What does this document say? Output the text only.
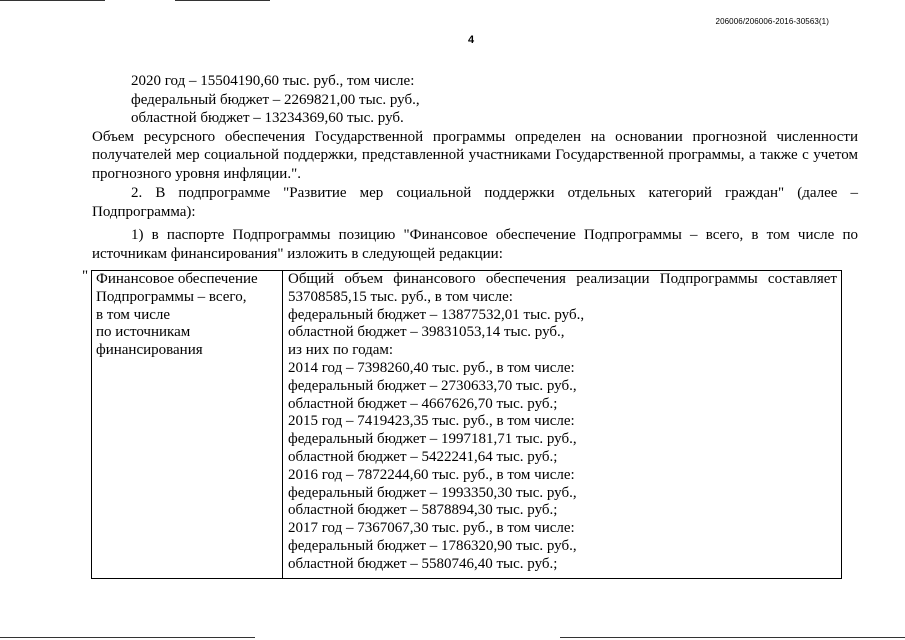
206006/206006-2016-30563(1)
4

2020 год – 15504190,60 тыс. руб., том числе:

федеральный бюджет – 2269821,00 тыс. руб.,

областной бюджет – 13234369,60 тыс. руб.

Объем ресурсного обеспечения Государственной программы определен на основании прогнозной численности получателей мер социальной поддержки, представленной участниками Государственной программы, а также с учетом прогнозного уровня инфляции.".

2. В подпрограмме "Развитие мер социальной поддержки отдельных категорий граждан" (далее – Подпрограмма):

1) в паспорте Подпрограммы позицию "Финансовое обеспечение Подпрограммы – всего, в том числе по источникам финансирования" изложить в следующей редакции:

" Финансовое обеспечение
Подпрограммы – всего,
в том числе
по источникам
финансирования
Общий объем финансового обеспечения реализации Подпрограммы составляет 53708585,15 тыс. руб., в том числе:
федеральный бюджет – 13877532,01 тыс. руб.,
областной бюджет – 39831053,14 тыс. руб.,
из них по годам:
2014 год – 7398260,40 тыс. руб., в том числе:
федеральный бюджет – 2730633,70 тыс. руб.,
областной бюджет – 4667626,70 тыс. руб.;
2015 год – 7419423,35 тыс. руб., в том числе:
федеральный бюджет – 1997181,71 тыс. руб.,
областной бюджет – 5422241,64 тыс. руб.;
2016 год – 7872244,60 тыс. руб., в том числе:
федеральный бюджет – 1993350,30 тыс. руб.,
областной бюджет – 5878894,30 тыс. руб.;
2017 год – 7367067,30 тыс. руб., в том числе:
федеральный бюджет – 1786320,90 тыс. руб.,
областной бюджет – 5580746,40 тыс. руб.;
